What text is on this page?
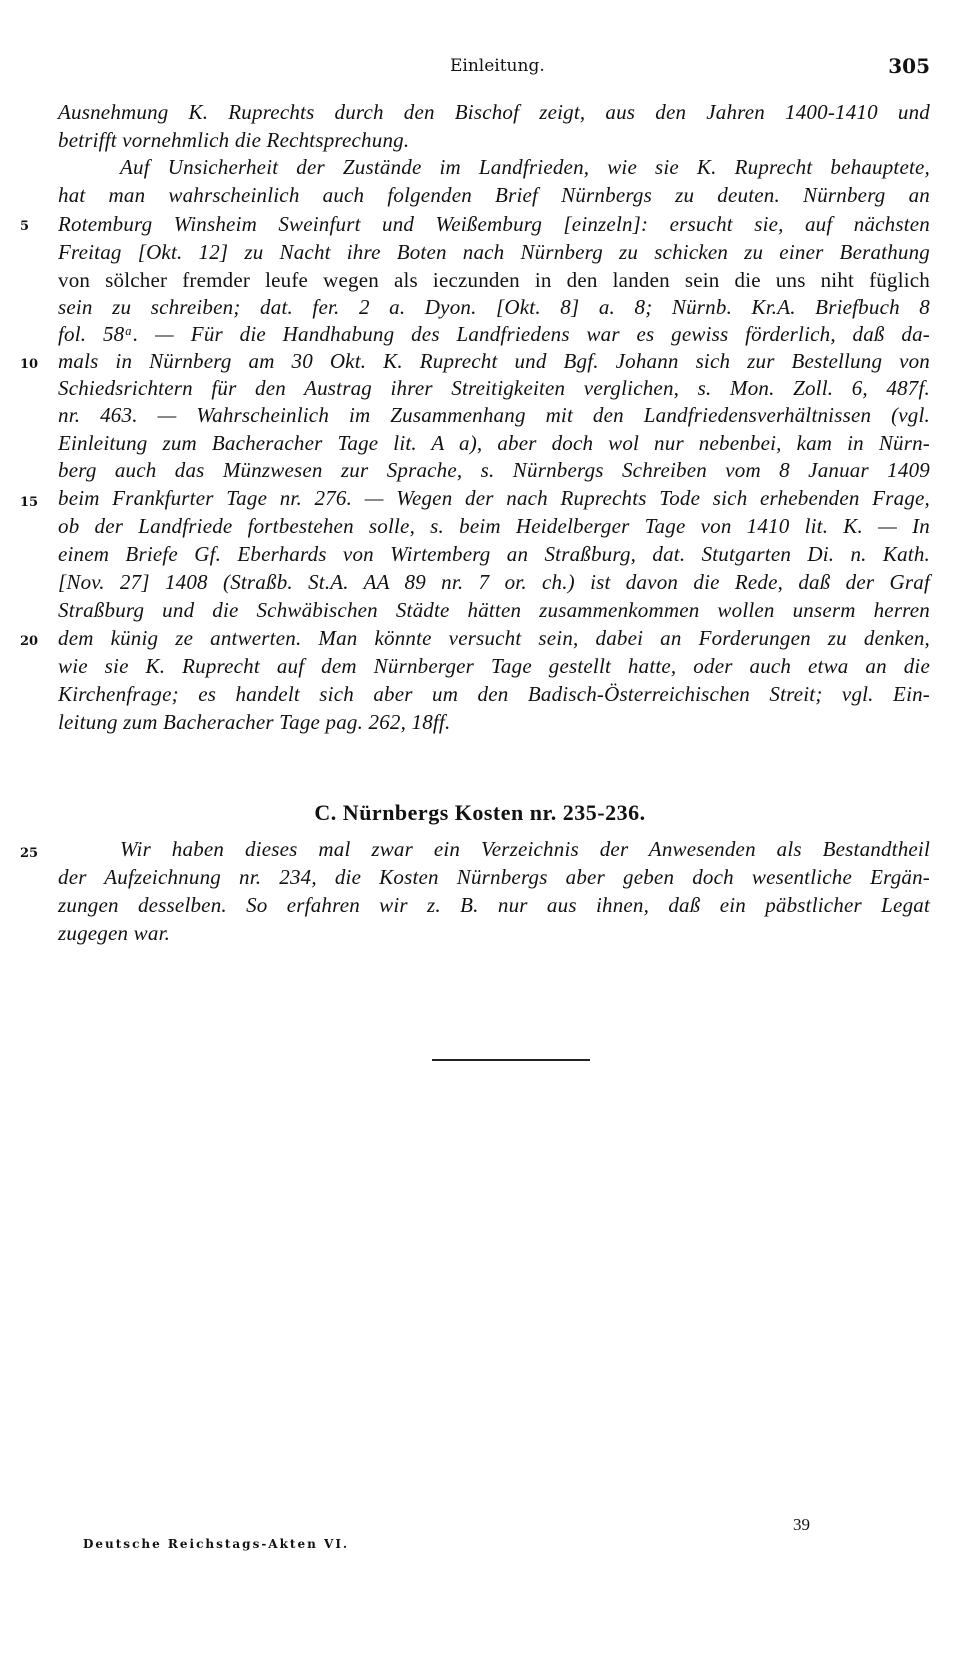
Einleitung.	305
Ausnehmung K. Ruprechts durch den Bischof zeigt, aus den Jahren 1400-1410 und
betrifft vornehmlich die Rechtsprechung.
Auf Unsicherheit der Zustände im Landfrieden, wie sie K. Ruprecht behauptete,
hat man wahrscheinlich auch folgenden Brief Nürnbergs zu deuten. Nürnberg an
Rotemburg Winsheim Sweinfurt und Weißemburg [einzeln]: ersucht sie, auf nächsten
Freitag [Okt. 12] zu Nacht ihre Boten nach Nürnberg zu schicken zu einer Berathung
von sölcher fremder leufe wegen als ieczunden in den landen sein die uns niht füglich
sein zu schreiben; dat. fer. 2 a. Dyon. [Okt. 8] a. 8; Nürnb. Kr.A. Briefbuch 8
fol. 58ᵃ. — Für die Handhabung des Landfriedens war es gewiss förderlich, daß da-
mals in Nürnberg am 30 Okt. K. Ruprecht und Bgf. Johann sich zur Bestellung von
Schiedsrichtern für den Austrag ihrer Streitigkeiten verglichen, s. Mon. Zoll. 6, 487f.
nr. 463. — Wahrscheinlich im Zusammenhang mit den Landfriedensverhältnissen (vgl.
Einleitung zum Bacheracher Tage lit. A a), aber doch wol nur nebenbei, kam in Nürn-
berg auch das Münzwesen zur Sprache, s. Nürnbergs Schreiben vom 8 Januar 1409
beim Frankfurter Tage nr. 276. — Wegen der nach Ruprechts Tode sich erhebenden Frage,
ob der Landfriede fortbestehen solle, s. beim Heidelberger Tage von 1410 lit. K. — In
einem Briefe Gf. Eberhards von Wirtemberg an Straßburg, dat. Stutgarten Di. n. Kath.
[Nov. 27] 1408 (Straßb. St.A. AA 89 nr. 7 or. ch.) ist davon die Rede, daß der Graf
Straßburg und die Schwäbischen Städte hätten zusammenkommen wollen unserm herren
dem künig ze antwerten. Man könnte versucht sein, dabei an Forderungen zu denken,
wie sie K. Ruprecht auf dem Nürnberger Tage gestellt hatte, oder auch etwa an die
Kirchenfrage; es handelt sich aber um den Badisch-Österreichischen Streit; vgl. Ein-
leitung zum Bacheracher Tage pag. 262, 18ff.
5
10
15
20
25
C. Nürnbergs Kosten nr. 235-236.
Wir haben dieses mal zwar ein Verzeichnis der Anwesenden als Bestandtheil
der Aufzeichnung nr. 234, die Kosten Nürnbergs aber geben doch wesentliche Ergän-
zungen desselben. So erfahren wir z. B. nur aus ihnen, daß ein päbstlicher Legat
zugegen war.
39
Deutsche Reichstags-Akten VI.
